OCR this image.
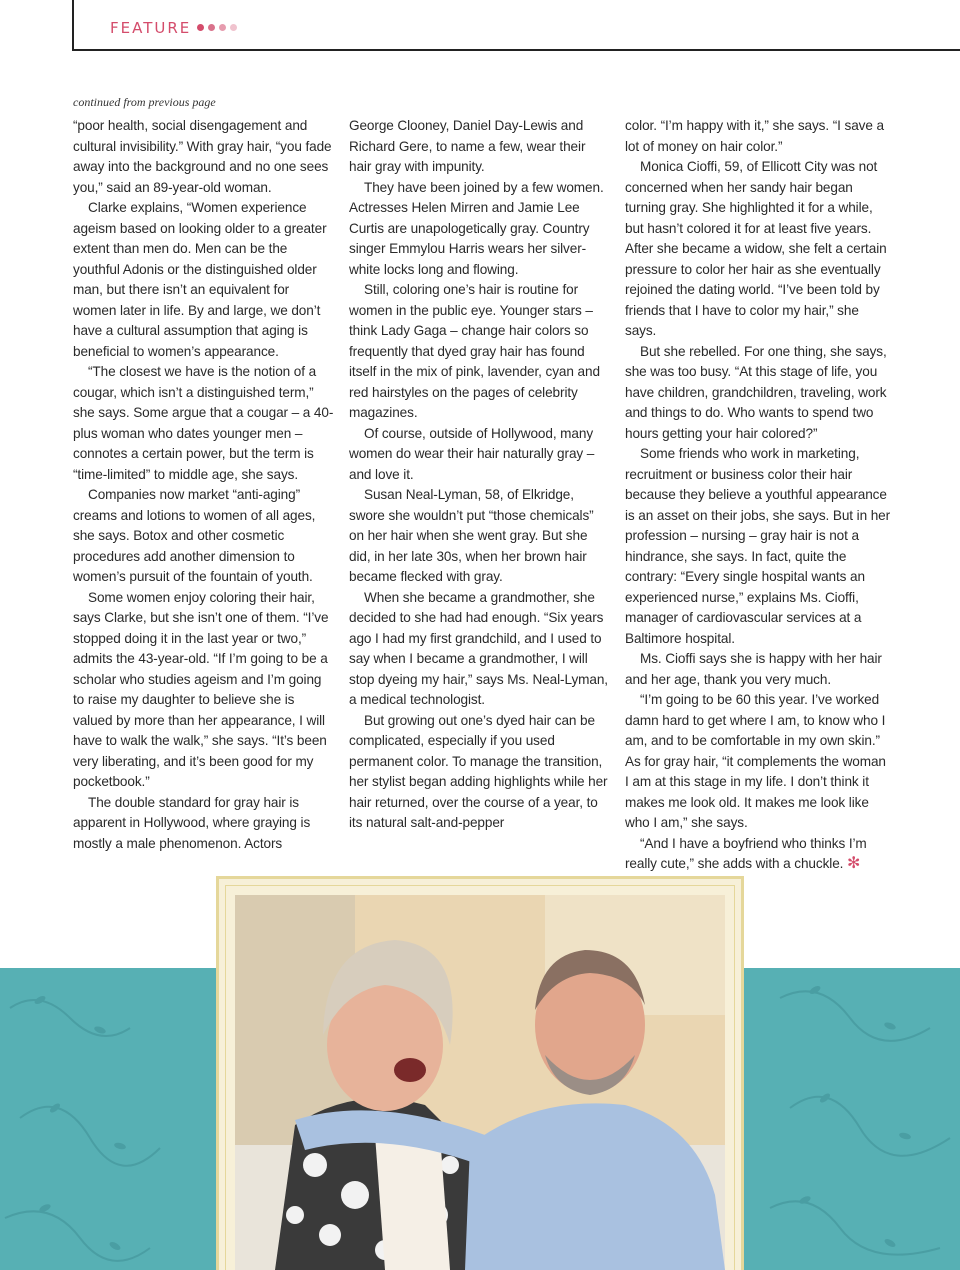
FEATURE
continued from previous page

“poor health, social disengagement and cultural invisibility.” With gray hair, “you fade away into the background and no one sees you,” said an 89-year-old woman.

Clarke explains, “Women experience ageism based on looking older to a greater extent than men do. Men can be the youthful Adonis or the distinguished older man, but there isn’t an equivalent for women later in life. By and large, we don’t have a cultural assumption that aging is beneficial to women’s appearance.

“The closest we have is the notion of a cougar, which isn’t a distinguished term,” she says. Some argue that a cougar – a 40-plus woman who dates younger men – connotes a certain power, but the term is “time-limited” to middle age, she says.

Companies now market “anti-aging” creams and lotions to women of all ages, she says. Botox and other cosmetic procedures add another dimension to women’s pursuit of the fountain of youth.

Some women enjoy coloring their hair, says Clarke, but she isn’t one of them. “I’ve stopped doing it in the last year or two,” admits the 43-year-old. “If I’m going to be a scholar who studies ageism and I’m going to raise my daughter to believe she is valued by more than her appearance, I will have to walk the walk,” she says. “It’s been very liberating, and it’s been good for my pocketbook.”

The double standard for gray hair is apparent in Hollywood, where graying is mostly a male phenomenon. Actors

George Clooney, Daniel Day-Lewis and Richard Gere, to name a few, wear their hair gray with impunity.

They have been joined by a few women. Actresses Helen Mirren and Jamie Lee Curtis are unapologetically gray. Country singer Emmylou Harris wears her silver-white locks long and flowing.

Still, coloring one’s hair is routine for women in the public eye. Younger stars – think Lady Gaga – change hair colors so frequently that dyed gray hair has found itself in the mix of pink, lavender, cyan and red hairstyles on the pages of celebrity magazines.

Of course, outside of Hollywood, many women do wear their hair naturally gray – and love it.

Susan Neal-Lyman, 58, of Elkridge, swore she wouldn’t put “those chemicals” on her hair when she went gray. But she did, in her late 30s, when her brown hair became flecked with gray.

When she became a grandmother, she decided to she had had enough. “Six years ago I had my first grandchild, and I used to say when I became a grandmother, I will stop dyeing my hair,” says Ms. Neal-Lyman, a medical technologist.

But growing out one’s dyed hair can be complicated, especially if you used permanent color. To manage the transition, her stylist began adding highlights while her hair returned, over the course of a year, to its natural salt-and-pepper

color. “I’m happy with it,” she says. “I save a lot of money on hair color.”

Monica Cioffi, 59, of Ellicott City was not concerned when her sandy hair began turning gray. She highlighted it for a while, but hasn’t colored it for at least five years. After she became a widow, she felt a certain pressure to color her hair as she eventually rejoined the dating world. “I’ve been told by friends that I have to color my hair,” she says.

But she rebelled. For one thing, she says, she was too busy. “At this stage of life, you have children, grandchildren, traveling, work and things to do. Who wants to spend two hours getting your hair colored?”

Some friends who work in marketing, recruitment or business color their hair because they believe a youthful appearance is an asset on their jobs, she says. But in her profession – nursing – gray hair is not a hindrance, she says. In fact, quite the contrary: “Every single hospital wants an experienced nurse,” explains Ms. Cioffi, manager of cardiovascular services at a Baltimore hospital.

Ms. Cioffi says she is happy with her hair and her age, thank you very much.

“I’m going to be 60 this year. I’ve worked damn hard to get where I am, to know who I am, and to be comfortable in my own skin.” As for gray hair, “it complements the woman I am at this stage in my life. I don’t think it makes me look old. It makes me look like who I am,” she says.

“And I have a boyfriend who thinks I’m really cute,” she adds with a chuckle. ✻
